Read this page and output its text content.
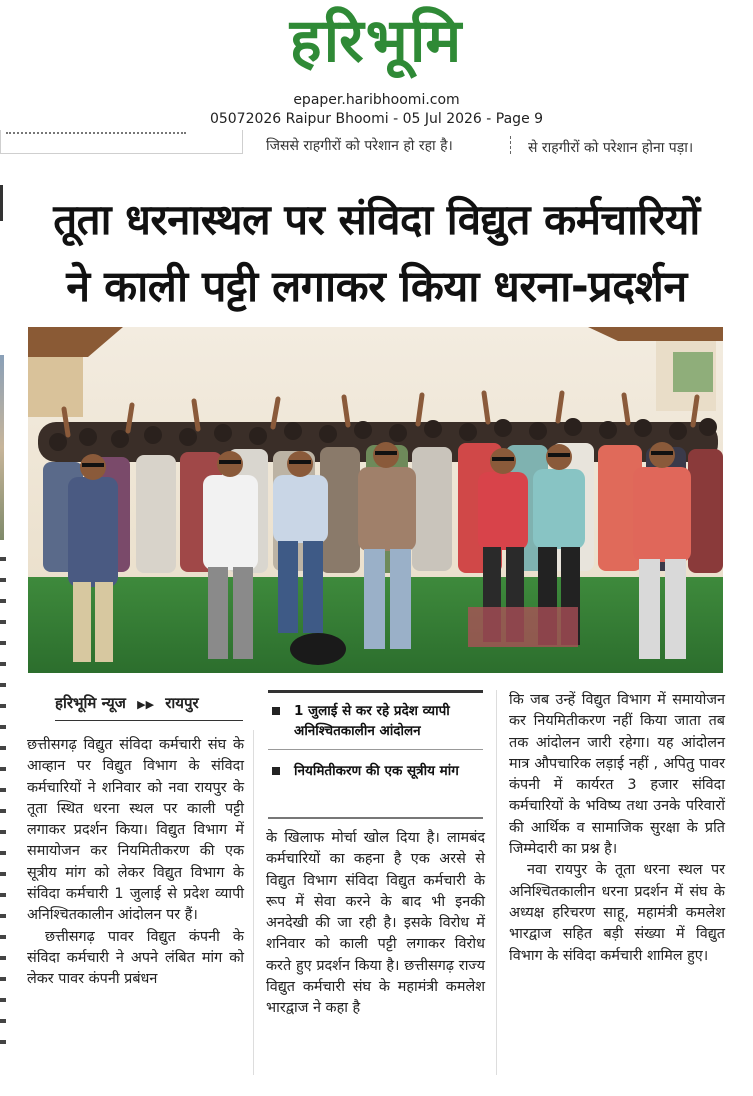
हरिभूमि
epaper.haribhoomi.com
05072026 Raipur Bhoomi - 05 Jul 2026 - Page 9
जिससे राहगीरों को परेशान हो रहा है।	से राहगीरों को परेशान होना पड़ा।
तूता धरनास्थल पर संविदा विद्युत कर्मचारियों
ने काली पट्टी लगाकर किया धरना-प्रदर्शन
हरिभूमि न्यूज ▶▶ रायपुर	1 जुलाई से कर रहे प्रदेश व्यापी अनिश्चितकालीन आंदोलन
नियमितीकरण की एक सूत्रीय मांग

छत्तीसगढ़ विद्युत संविदा कर्मचारी संघ के आव्हान पर विद्युत विभाग के संविदा कर्मचारियों ने शनिवार को नवा रायपुर के तूता स्थित धरना स्थल पर काली पट्टी लगाकर प्रदर्शन किया। विद्युत विभाग में समायोजन कर नियमितीकरण की एक सूत्रीय मांग को लेकर विद्युत विभाग के संविदा कर्मचारी 1 जुलाई से प्रदेश व्यापी अनिश्चितकालीन आंदोलन पर हैं।

छत्तीसगढ़ पावर विद्युत कंपनी के संविदा कर्मचारी ने अपने लंबित मांग को लेकर पावर कंपनी प्रबंधन

के खिलाफ मोर्चा खोल दिया है। लामबंद कर्मचारियों का कहना है एक अरसे से विद्युत विभाग संविदा विद्युत कर्मचारी के रूप में सेवा करने के बाद भी इनकी अनदेखी की जा रही है। इसके विरोध में शनिवार को काली पट्टी लगाकर विरोध करते हुए प्रदर्शन किया है। छत्तीसगढ़ राज्य विद्युत कर्मचारी संघ के महामंत्री कमलेश भारद्वाज ने कहा है

कि जब उन्हें विद्युत विभाग में समायोजन कर नियमितीकरण नहीं किया जाता तब तक आंदोलन जारी रहेगा। यह आंदोलन मात्र औपचारिक लड़ाई नहीं , अपितु पावर कंपनी में कार्यरत 3 हजार संविदा कर्मचारियों के भविष्य तथा उनके परिवारों की आर्थिक व सामाजिक सुरक्षा के प्रति जिम्मेदारी का प्रश्न है।

नवा रायपुर के तूता धरना स्थल पर अनिश्चितकालीन धरना प्रदर्शन में संघ के अध्यक्ष हरिचरण साहू, महामंत्री कमलेश भारद्वाज सहित बड़ी संख्या में विद्युत विभाग के संविदा कर्मचारी शामिल हुए।
